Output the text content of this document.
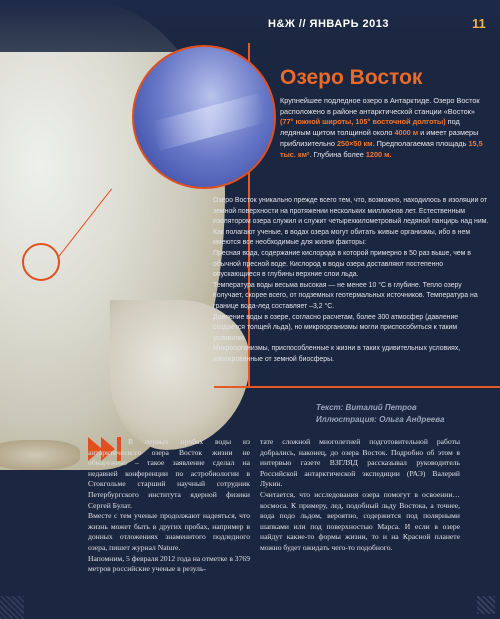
Н&Ж // ЯНВАРЬ 2013	11
Озеро Восток
Крупнейшее подледное озеро в Антарктиде. Озеро Восток расположено в районе антарктической станции «Восток» (77° южной широты, 105° восточной долготы) под ледяным щитом толщиной около 4000 м и имеет размеры приблизительно 250×50 км. Предполагаемая площадь 15,5 тыс. км². Глубина более 1200 м.

Озеро Восток уникально прежде всего тем, что, возможно, находилось в изоляции от земной поверхности на протяжении нескольких миллионов лет. Естественным изолятором озера служил и служит четырехкилометровый ледяной панцирь над ним. Как полагают ученые, в водах озера могут обитать живые организмы, ибо в нем имеются все необходимые для жизни факторы:

Пресная вода, содержание кислорода в которой примерно в 50 раз выше, чем в обычной пресной воде. Кислород в воды озера доставляют постепенно опускающиеся в глубины верхние слои льда.

Температура воды весьма высокая — не менее 10 °С в глубине. Тепло озеру получает, скорее всего, от подземных геотермальных источников. Температура на границе вода-лед составляет –3,2 °С.

Давление воды в озере, согласно расчетам, более 300 атмосфер (давление создается толщей льда), но микроорганизмы могли приспособиться к таким условиям.

Микроорганизмы, приспособленные к жизни в таких удивительных условиях, изолированные от земной биосферы.

Текст: Виталий Петров
Иллюстрация: Ольга Андреева

В первых пробах воды из антарктического озера Восток жизни не обнаружено – такое заявление сделал на недавней конференции по астробиологии в Стокгольме старший научный сотрудник Петербургского института ядерной физики Сергей Булат.

Вместе с тем ученые продолжают надеяться, что жизнь может быть в других пробах, например в донных отложениях знаменитого подледного озера, пишет журнал Nature.

Напомним, 5 февраля 2012 года на отметке в 3769 метров российские ученые в резуль-

тате сложной многолетней подготовительной работы добрались, наконец, до озера Восток. Подробно об этом в интервью газете ВЗГЛЯД рассказывал руководитель Российской антарктической экспедиции (РАЭ) Валерий Лукин.

Считается, что исследования озера помогут в освоении… космоса. К примеру, лед, подобный льду Востока, а точнее, вода подо льдом, вероятно, содержится под полярными шапками или под поверхностью Марса. И если в озере найдут какие-то формы жизни, то и на Красной планете можно будет ожидать чего-то подобного.
